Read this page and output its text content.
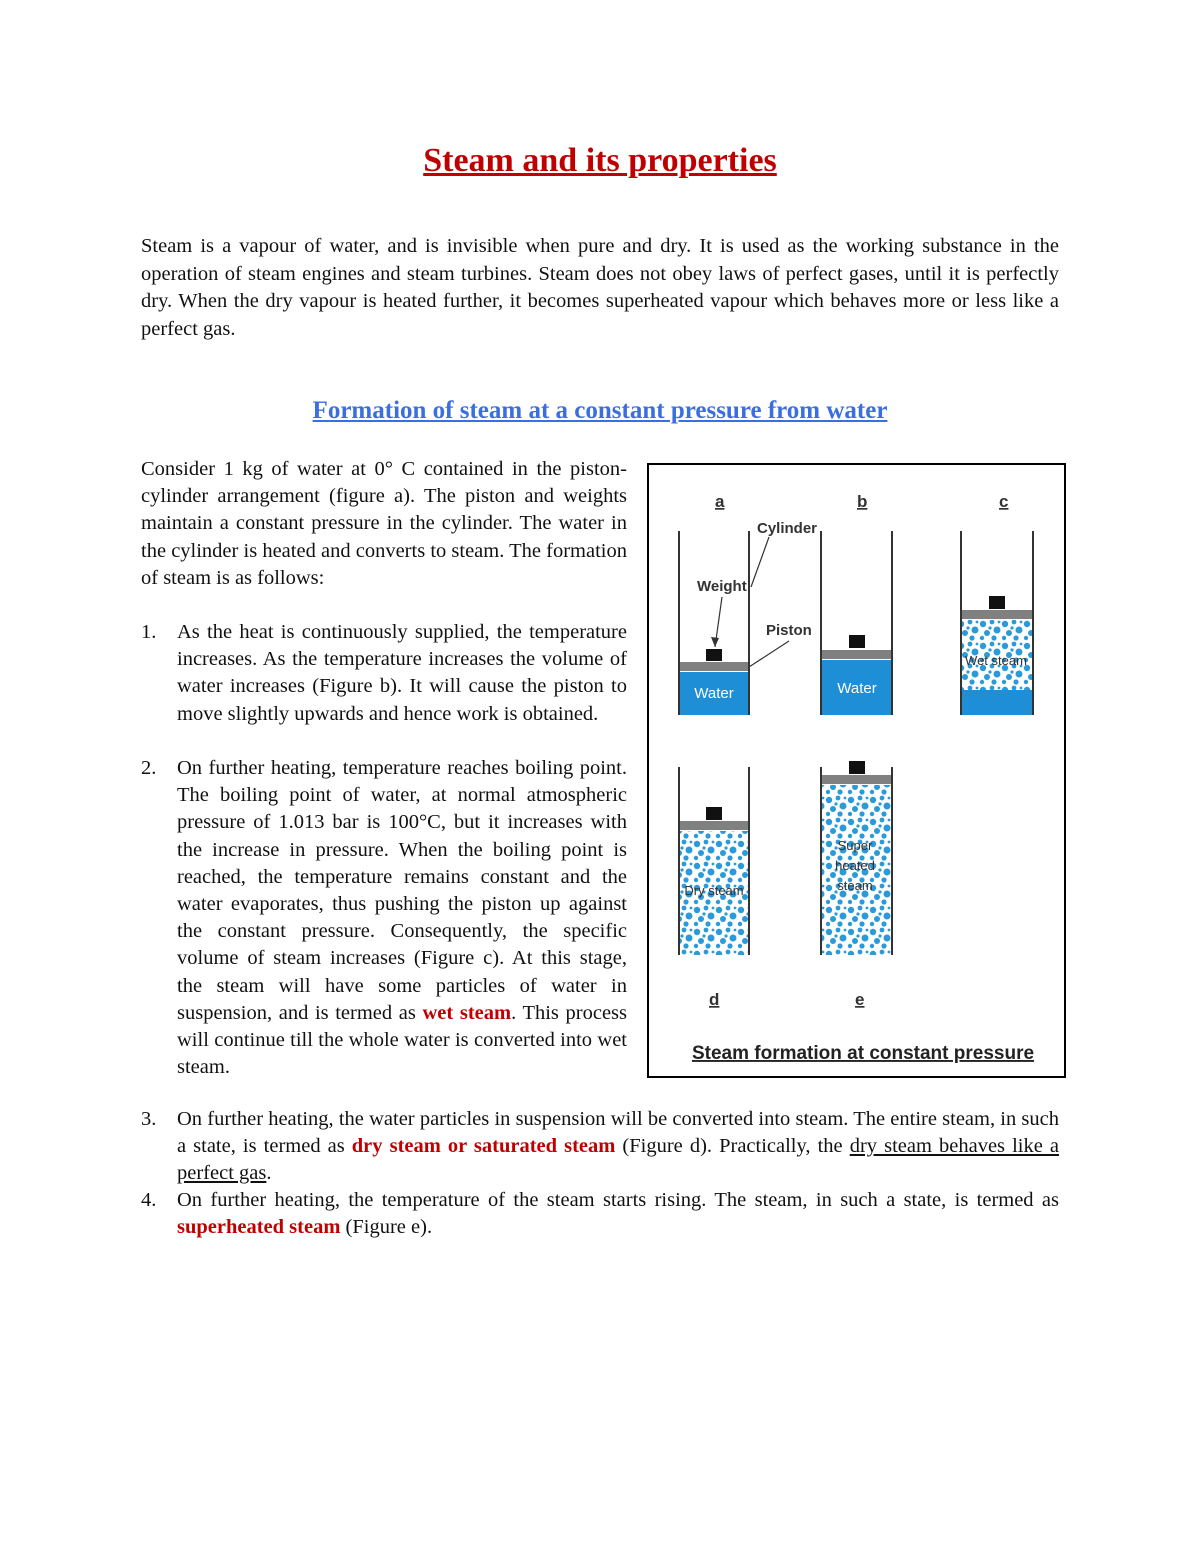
Steam and its properties

Steam is a vapour of water, and is invisible when pure and dry. It is used as the working substance in the operation of steam engines and steam turbines. Steam does not obey laws of perfect gases, until it is perfectly dry. When the dry vapour is heated further, it becomes superheated vapour which behaves more or less like a perfect gas.

Formation of steam at a constant pressure from water

Consider 1 kg of water at 0° C contained in the piston-cylinder arrangement (figure a). The piston and weights maintain a constant pressure in the cylinder. The water in the cylinder is heated and converts to steam. The formation of steam is as follows:

1. As the heat is continuously supplied, the temperature increases. As the temperature increases the volume of water increases (Figure b). It will cause the piston to move slightly upwards and hence work is obtained.
2. On further heating, temperature reaches boiling point. The boiling point of water, at normal atmospheric pressure of 1.013 bar is 100°C, but it increases with the increase in pressure. When the boiling point is reached, the temperature remains constant and the water evaporates, thus pushing the piston up against the constant pressure. Consequently, the specific volume of steam increases (Figure c). At this stage, the steam will have some particles of water in suspension, and is termed as wet steam. This process will continue till the whole water is converted into wet steam.
3. On further heating, the water particles in suspension will be converted into steam. The entire steam, in such a state, is termed as dry steam or saturated steam (Figure d). Practically, the dry steam behaves like a perfect gas.
4. On further heating, the temperature of the steam starts rising. The steam, in such a state, is termed as superheated steam (Figure e).
a	b	c
Water
Cylinder
Weight
Piston
Water
Wet steam
Dry steam
Super
heated
steam
d	e
Steam formation at constant pressure
